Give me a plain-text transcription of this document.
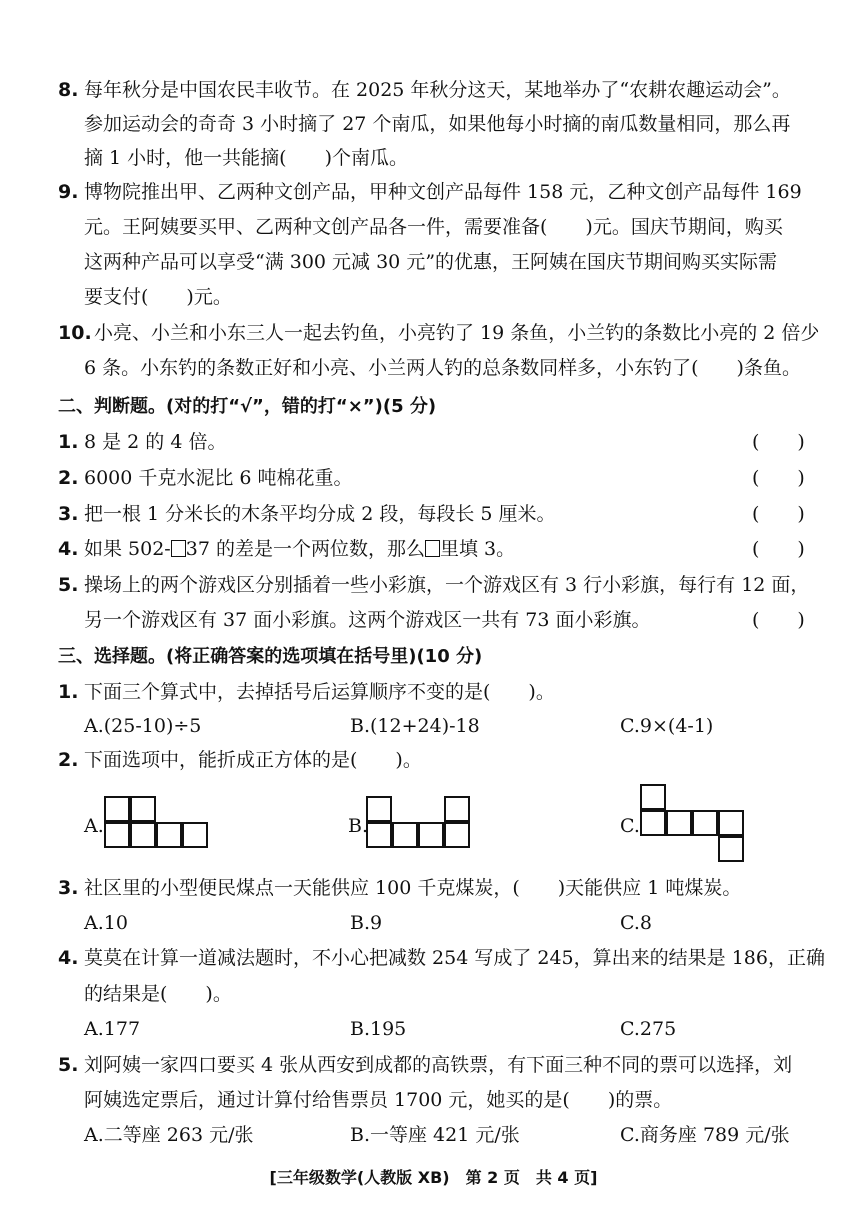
8. 每年秋分是中国农民丰收节。在 2025 年秋分这天，某地举办了“农耕农趣运动会”。
参加运动会的奇奇 3 小时摘了 27 个南瓜，如果他每小时摘的南瓜数量相同，那么再
摘 1 小时，他一共能摘(　　)个南瓜。
9. 博物院推出甲、乙两种文创产品，甲种文创产品每件 158 元，乙种文创产品每件 169
元。王阿姨要买甲、乙两种文创产品各一件，需要准备(　　)元。国庆节期间，购买
这两种产品可以享受“满 300 元减 30 元”的优惠，王阿姨在国庆节期间购买实际需
要支付(　　)元。
10. 小亮、小兰和小东三人一起去钓鱼，小亮钓了 19 条鱼，小兰钓的条数比小亮的 2 倍少
6 条。小东钓的条数正好和小亮、小兰两人钓的总条数同样多，小东钓了(　　)条鱼。
二、判断题。(对的打“√”，错的打“×”)(5 分)
1. 8 是 2 的 4 倍。	(　　)
2. 6000 千克水泥比 6 吨棉花重。	(　　)
3. 把一根 1 分米长的木条平均分成 2 段，每段长 5 厘米。	(　　)
4. 如果 502- 37 的差是一个两位数，那么 里填 3。	(　　)
5. 操场上的两个游戏区分别插着一些小彩旗，一个游戏区有 3 行小彩旗，每行有 12 面，
另一个游戏区有 37 面小彩旗。这两个游戏区一共有 73 面小彩旗。	(　　)
三、选择题。(将正确答案的选项填在括号里)(10 分)
1. 下面三个算式中，去掉括号后运算顺序不变的是(　　)。
A.(25-10)÷5	B.(12+24)-18	C.9×(4-1)
2. 下面选项中，能折成正方体的是(　　)。
A.	B.	C.
3. 社区里的小型便民煤点一天能供应 100 千克煤炭，(　　)天能供应 1 吨煤炭。
A.10	B.9	C.8
4. 莫莫在计算一道减法题时，不小心把减数 254 写成了 245，算出来的结果是 186，正确
的结果是(　　)。
A.177	B.195	C.275
5. 刘阿姨一家四口要买 4 张从西安到成都的高铁票，有下面三种不同的票可以选择，刘
阿姨选定票后，通过计算付给售票员 1700 元，她买的是(　　)的票。
A.二等座 263 元/张	B.一等座 421 元/张	C.商务座 789 元/张
[三年级数学(人教版 XB)　第 2 页　共 4 页]
